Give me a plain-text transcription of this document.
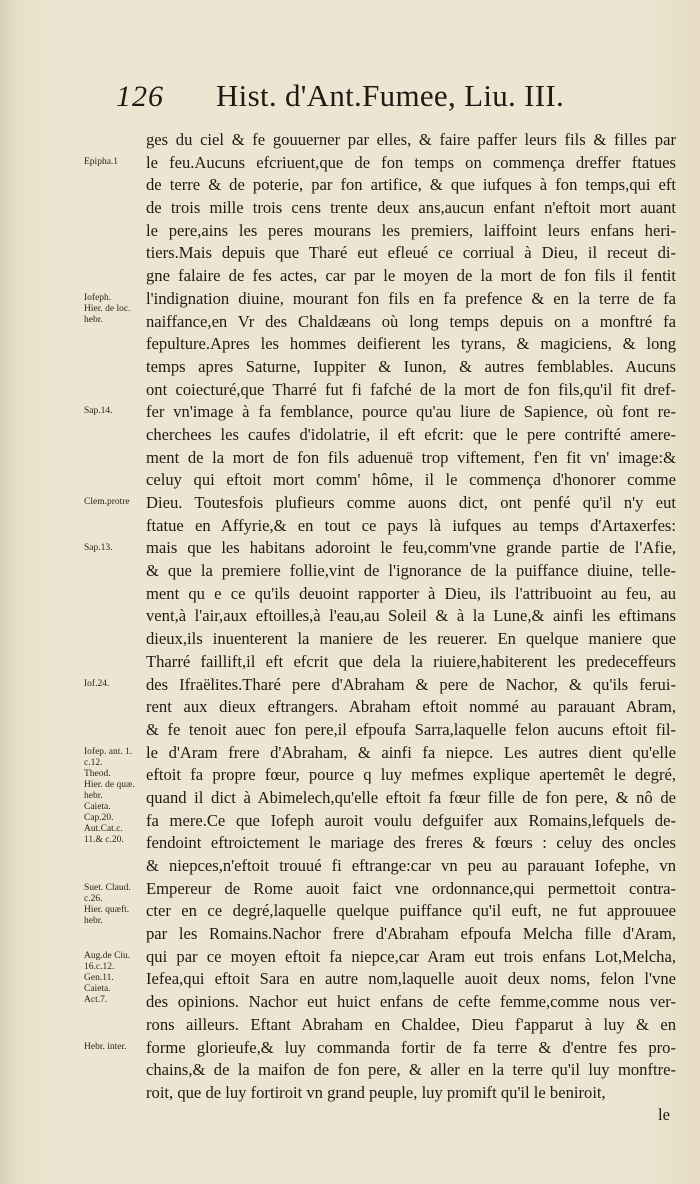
126 Hist. d'Ant.Fumee, Liu. III.
Epipha.1
Iofeph.
Hier. de loc.
hebr.
Sap.14.
Clem.protre
Sap.13.
Iof.24.
Iofep. ant. 1.
c.12.
Theod.
Hier. de quæ.
hebr.
Caieta.
Cap.20.
Aut.Cat.c.
11.& c.20.
Suet. Claud.
c.26.
Hier. quæft.
hebr.
Aug.de Ciu.
16.c.12.
Gen.11.
Caieta.
Act.7.
Hebr. inter.
ges du ciel & fe gouuerner par elles, & faire paffer leurs fils & filles par
le feu.Aucuns efcriuent,que de fon temps on commença dreffer ftatues
de terre & de poterie, par fon artifice, & que iufques à fon temps,qui eft
de trois mille trois cens trente deux ans,aucun enfant n'eftoit mort auant
le pere,ains les peres mourans les premiers, laiffoint leurs enfans heri-
tiers.Mais depuis que Tharé eut efleué ce corriual à Dieu, il receut di-
gne falaire de fes actes, car par le moyen de la mort de fon fils il fentit
l'indignation diuine, mourant fon fils en fa prefence & en la terre de fa
naiffance,en Vr des Chaldæans où long temps depuis on a monftré fa
fepulture.Apres les hommes deifierent les tyrans, & magiciens, & long
temps apres Saturne, Iuppiter & Iunon, & autres femblables. Aucuns
ont coiecturé,que Tharré fut fi fafché de la mort de fon fils,qu'il fit dref-
fer vn'image à fa femblance, pource qu'au liure de Sapience, où font re-
cherchees les caufes d'idolatrie, il eft efcrit: que le pere contrifté amere-
ment de la mort de fon fils aduenuë trop viftement, f'en fit vn' image:&
celuy qui eftoit mort comm' hôme, il le commença d'honorer comme
Dieu. Toutesfois plufieurs comme auons dict, ont penfé qu'il n'y eut
ftatue en Affyrie,& en tout ce pays là iufques au temps d'Artaxerfes:
mais que les habitans adoroint le feu,comm'vne grande partie de l'Afie,
& que la premiere follie,vint de l'ignorance de la puiffance diuine, telle-
ment qu e ce qu'ils deuoint rapporter à Dieu, ils l'attribuoint au feu, au
vent,à l'air,aux eftoilles,à l'eau,au Soleil & à la Lune,& ainfi les eftimans
dieux,ils inuenterent la maniere de les reuerer. En quelque maniere que
Tharré faillift,il eft efcrit que dela la riuiere,habiterent les predeceffeurs
des Ifraëlites.Tharé pere d'Abraham & pere de Nachor, & qu'ils ferui-
rent aux dieux eftrangers. Abraham eftoit nommé au parauant Abram,
& fe tenoit auec fon pere,il efpoufa Sarra,laquelle felon aucuns eftoit fil-
le d'Aram frere d'Abraham, & ainfi fa niepce. Les autres dient qu'elle
eftoit fa propre fœur, pource q luy mefmes explique apertemêt le degré,
quand il dict à Abimelech,qu'elle eftoit fa fœur fille de fon pere, & nô de
fa mere.Ce que Iofeph auroit voulu defguifer aux Romains,lefquels de-
fendoint eftroictement le mariage des freres & fœurs : celuy des oncles
& niepces,n'eftoit trouué fi eftrange:car vn peu au parauant Iofephe, vn
Empereur de Rome auoit faict vne ordonnance,qui permettoit contra-
cter en ce degré,laquelle quelque puiffance qu'il euft, ne fut approuuee
par les Romains.Nachor frere d'Abraham efpoufa Melcha fille d'Aram,
qui par ce moyen eftoit fa niepce,car Aram eut trois enfans Lot,Melcha,
Iefea,qui eftoit Sara en autre nom,laquelle auoit deux noms, felon l'vne
des opinions. Nachor eut huict enfans de cefte femme,comme nous ver-
rons ailleurs. Eftant Abraham en Chaldee, Dieu f'apparut à luy & en
forme glorieufe,& luy commanda fortir de fa terre & d'entre fes pro-
chains,& de la maifon de fon pere, & aller en la terre qu'il luy monftre-
roit, que de luy fortiroit vn grand peuple, luy promift qu'il le beniroit,
le
